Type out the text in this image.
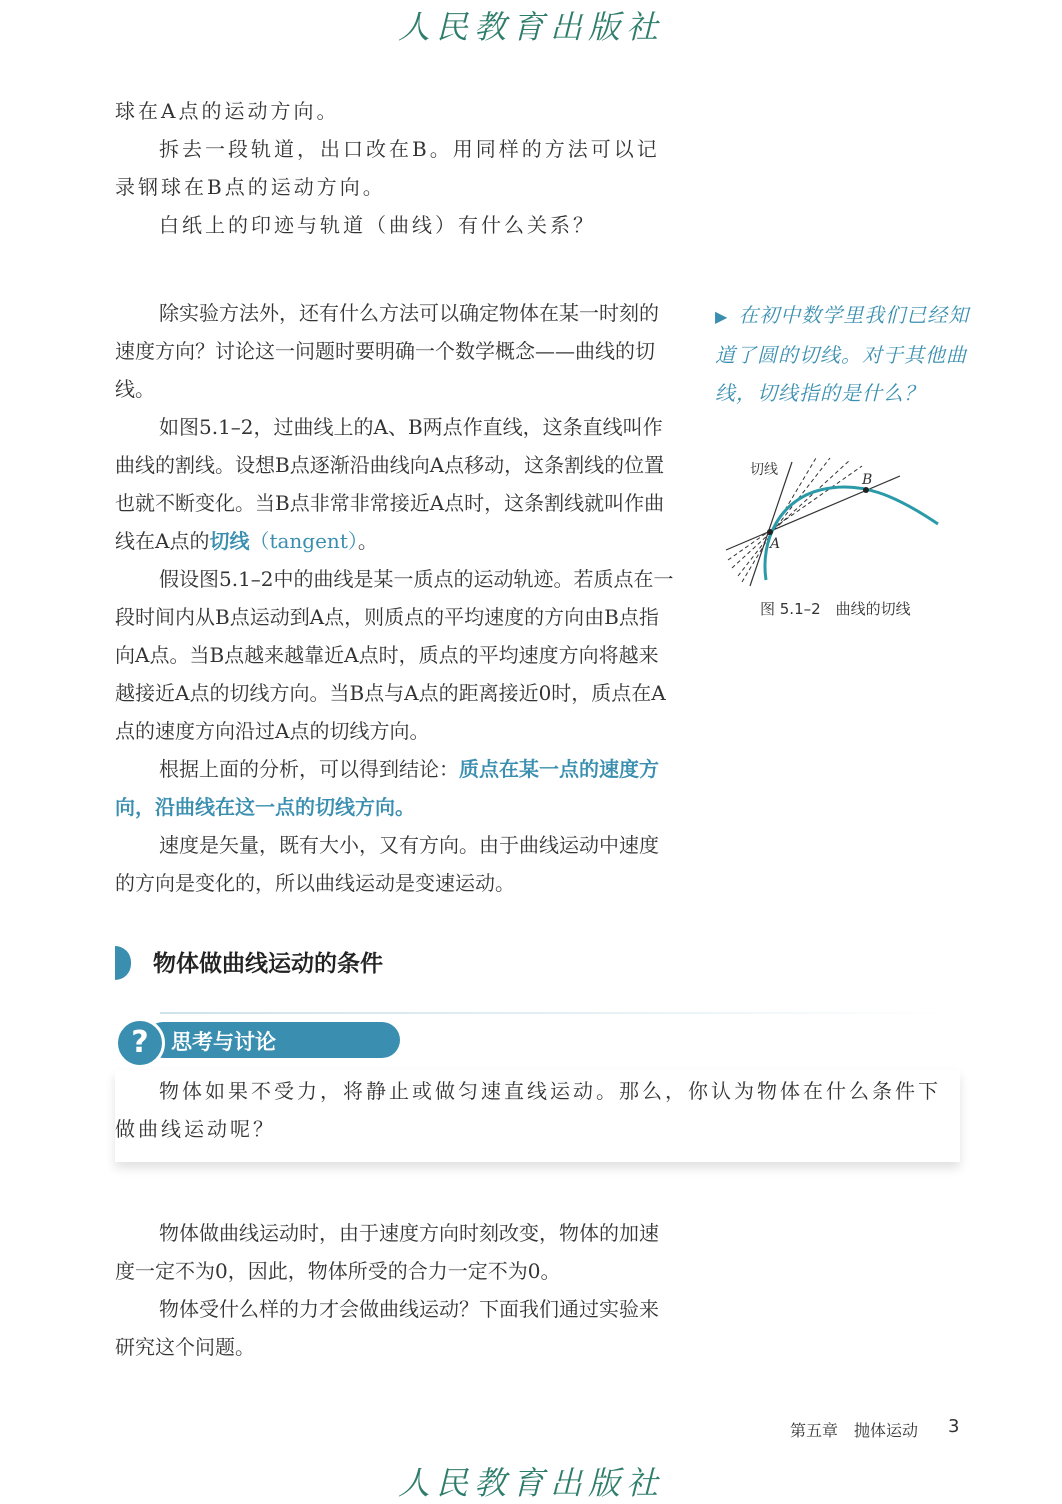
人民教育出版社

球在A点的运动方向。

拆去一段轨道，出口改在B。用同样的方法可以记录钢球在B点的运动方向。

白纸上的印迹与轨道（曲线）有什么关系？

除实验方法外，还有什么方法可以确定物体在某一时刻的速度方向？讨论这一问题时要明确一个数学概念——曲线的切线。

如图5.1–2，过曲线上的A、B两点作直线，这条直线叫作曲线的割线。设想B点逐渐沿曲线向A点移动，这条割线的位置也就不断变化。当B点非常非常接近A点时，这条割线就叫作曲线在A点的切线（tangent）。

假设图5.1–2中的曲线是某一质点的运动轨迹。若质点在一段时间内从B点运动到A点，则质点的平均速度的方向由B点指向A点。当B点越来越靠近A点时，质点的平均速度方向将越来越接近A点的切线方向。当B点与A点的距离接近0时，质点在A点的速度方向沿过A点的切线方向。

根据上面的分析，可以得到结论：质点在某一点的速度方向，沿曲线在这一点的切线方向。

速度是矢量，既有大小，又有方向。由于曲线运动中速度的方向是变化的，所以曲线运动是变速运动。

▶ 在初中数学里我们已经知道了圆的切线。对于其他曲线，切线指的是什么？

切线
A
B
图 5.1–2　曲线的切线
物体做曲线运动的条件
?	思考与讨论

物体如果不受力，将静止或做匀速直线运动。那么，你认为物体在什么条件下做曲线运动呢？

物体做曲线运动时，由于速度方向时刻改变，物体的加速度一定不为0，因此，物体所受的合力一定不为0。

物体受什么样的力才会做曲线运动？下面我们通过实验来研究这个问题。

第五章　抛体运动 3
人民教育出版社
